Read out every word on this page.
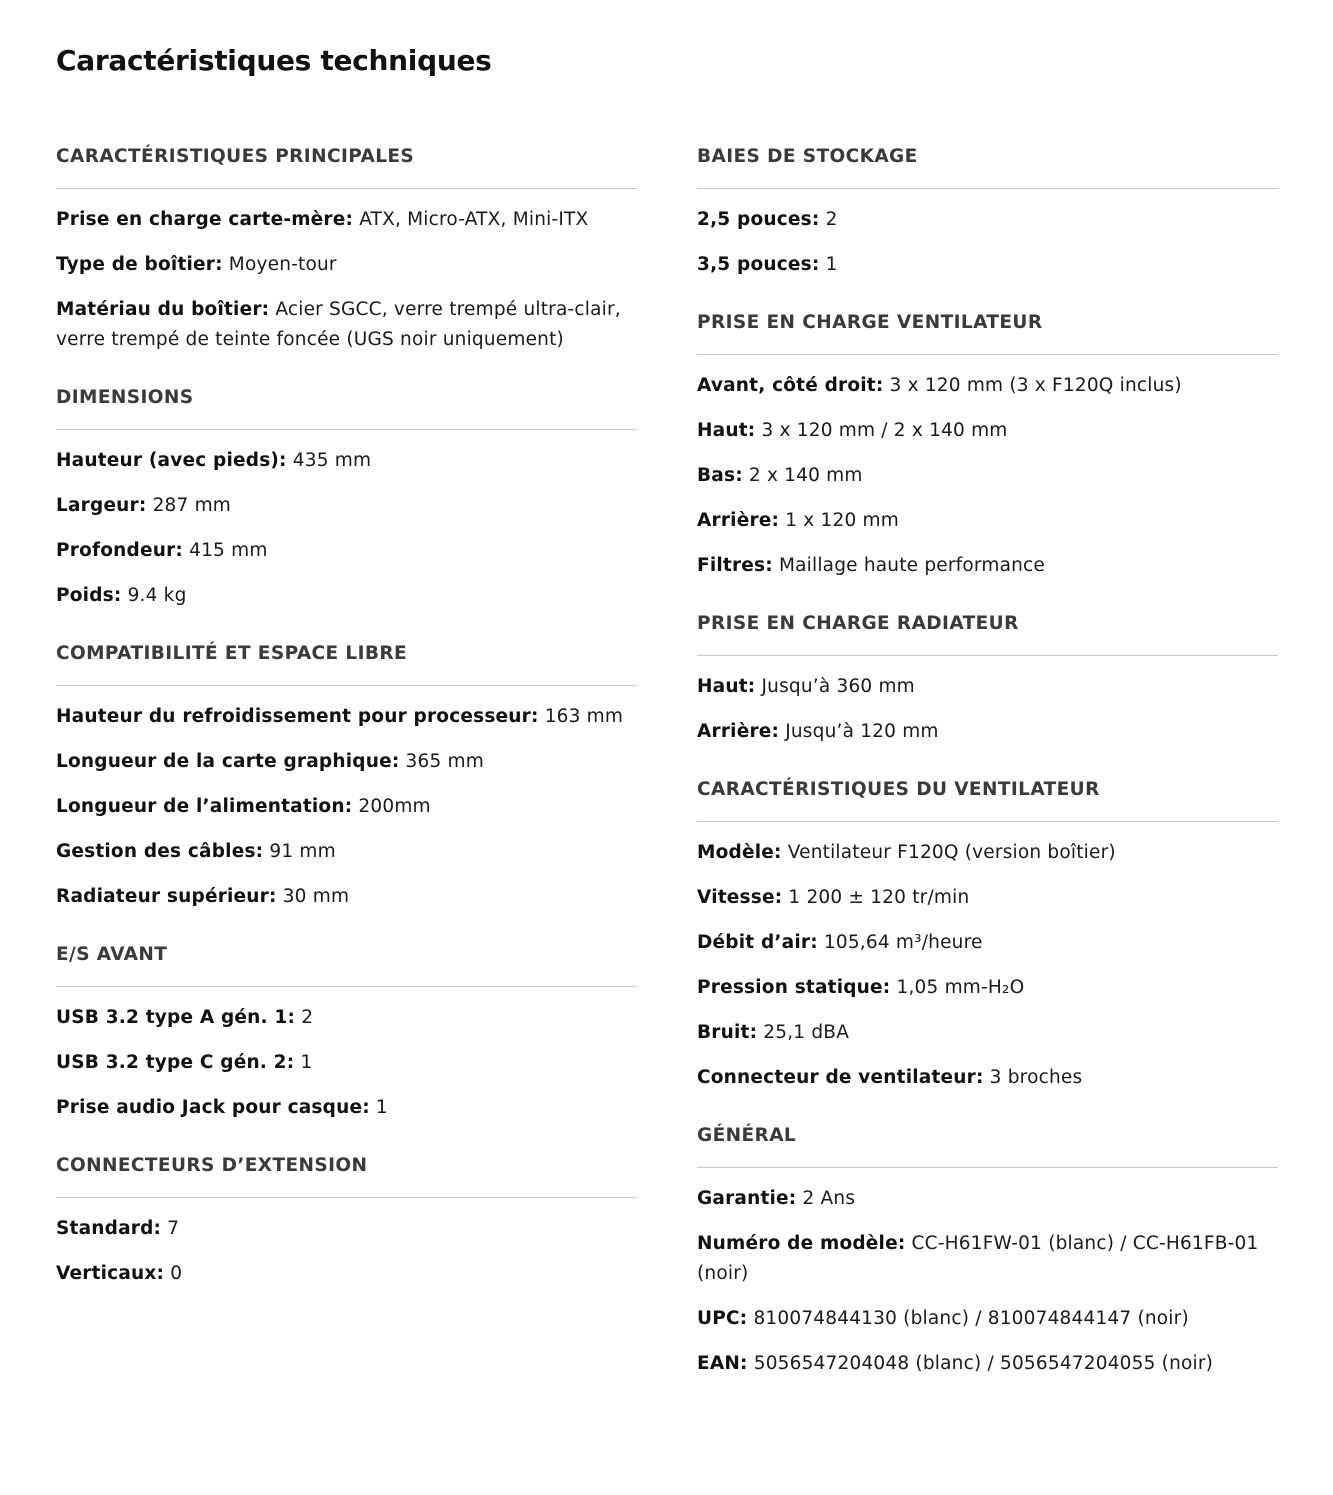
Caractéristiques techniques
CARACTÉRISTIQUES PRINCIPALES
Prise en charge carte-mère: ATX, Micro-ATX, Mini-ITX
Type de boîtier: Moyen-tour
Matériau du boîtier: Acier SGCC, verre trempé ultra-clair, verre trempé de teinte foncée (UGS noir uniquement)
DIMENSIONS
Hauteur (avec pieds): 435 mm
Largeur: 287 mm
Profondeur: 415 mm
Poids: 9.4 kg
COMPATIBILITÉ ET ESPACE LIBRE
Hauteur du refroidissement pour processeur: 163 mm
Longueur de la carte graphique: 365 mm
Longueur de l’alimentation: 200mm
Gestion des câbles: 91 mm
Radiateur supérieur: 30 mm
E/S AVANT
USB 3.2 type A gén. 1: 2
USB 3.2 type C gén. 2: 1
Prise audio Jack pour casque: 1
CONNECTEURS D’EXTENSION
Standard: 7
Verticaux: 0
BAIES DE STOCKAGE
2,5 pouces: 2
3,5 pouces: 1
PRISE EN CHARGE VENTILATEUR
Avant, côté droit: 3 x 120 mm (3 x F120Q inclus)
Haut: 3 x 120 mm / 2 x 140 mm
Bas: 2 x 140 mm
Arrière: 1 x 120 mm
Filtres: Maillage haute performance
PRISE EN CHARGE RADIATEUR
Haut: Jusqu’à 360 mm
Arrière: Jusqu’à 120 mm
CARACTÉRISTIQUES DU VENTILATEUR
Modèle: Ventilateur F120Q (version boîtier)
Vitesse: 1 200 ± 120 tr/min
Débit d’air: 105,64 m³/heure
Pression statique: 1,05 mm-H₂O
Bruit: 25,1 dBA
Connecteur de ventilateur: 3 broches
GÉNÉRAL
Garantie: 2 Ans
Numéro de modèle: CC-H61FW-01 (blanc) / CC-H61FB-01 (noir)
UPC: 810074844130 (blanc) / 810074844147 (noir)
EAN: 5056547204048 (blanc) / 5056547204055 (noir)
